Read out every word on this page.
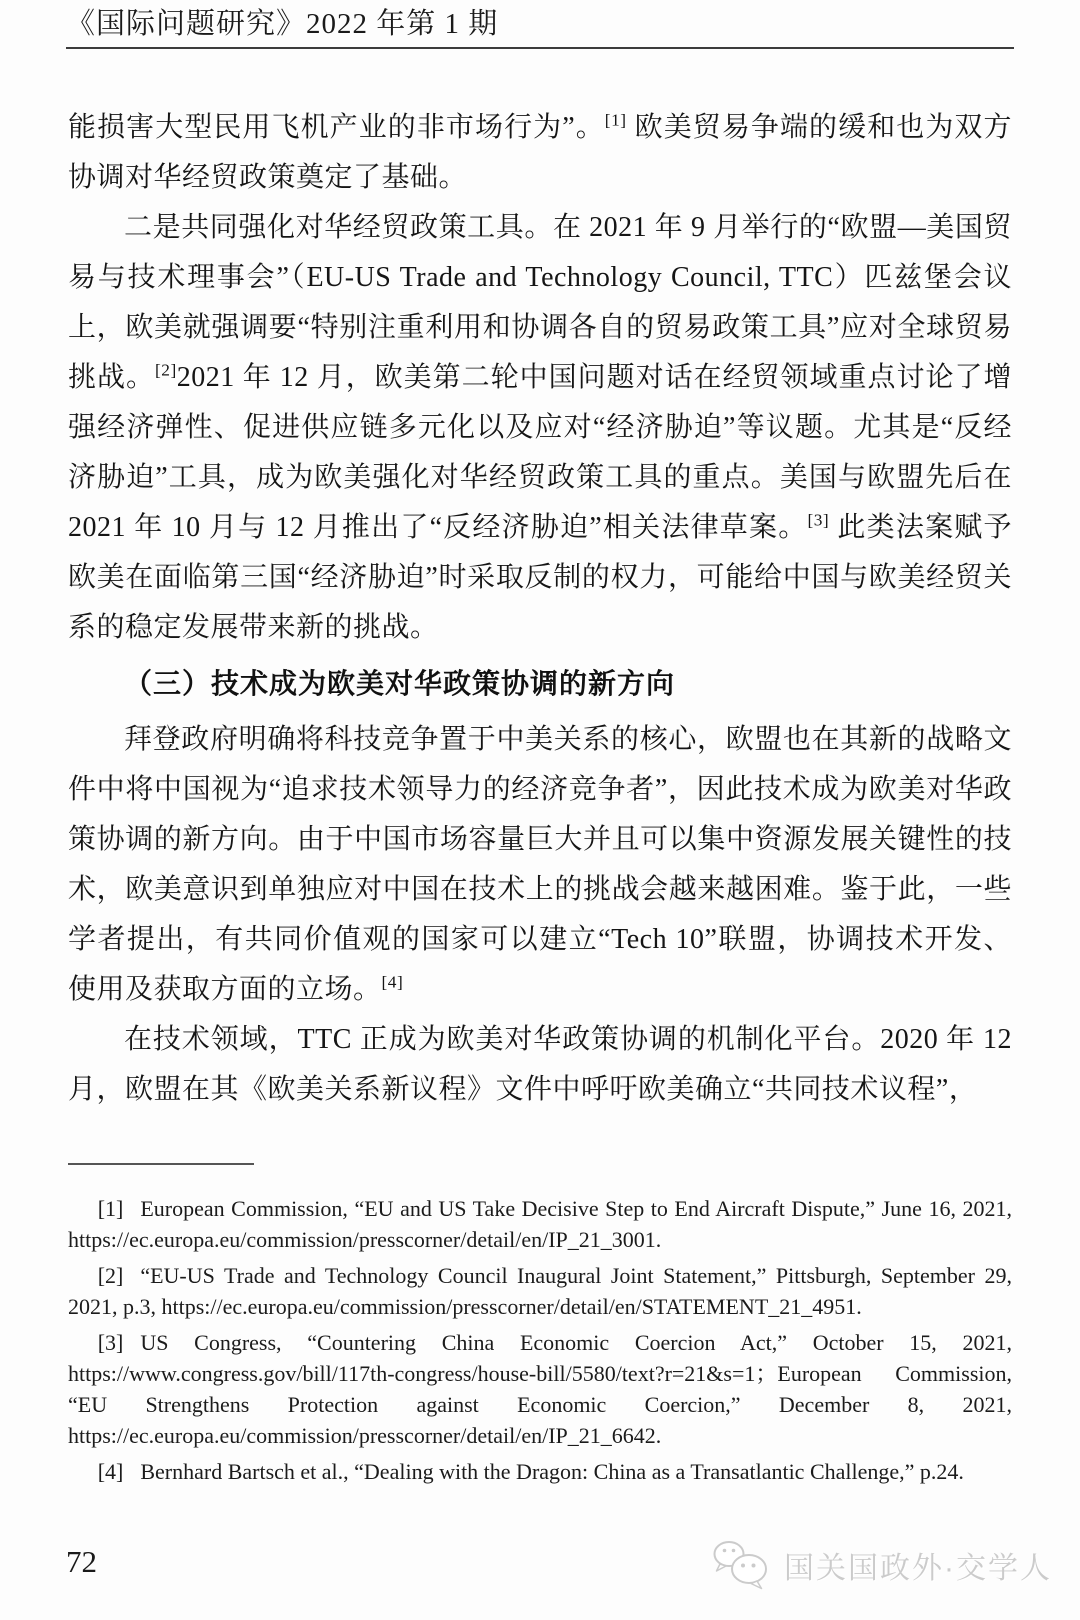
《国际问题研究》2022 年第 1 期

能损害大型民用飞机产业的非市场行为”。[1] 欧美贸易争端的缓和也为双方协调对华经贸政策奠定了基础。

二是共同强化对华经贸政策工具。在 2021 年 9 月举行的“欧盟—美国贸易与技术理事会”（EU-US Trade and Technology Council, TTC）匹兹堡会议上，欧美就强调要“特别注重利用和协调各自的贸易政策工具”应对全球贸易挑战。[2]2021 年 12 月，欧美第二轮中国问题对话在经贸领域重点讨论了增强经济弹性、促进供应链多元化以及应对“经济胁迫”等议题。尤其是“反经济胁迫”工具，成为欧美强化对华经贸政策工具的重点。美国与欧盟先后在 2021 年 10 月与 12 月推出了“反经济胁迫”相关法律草案。[3] 此类法案赋予欧美在面临第三国“经济胁迫”时采取反制的权力，可能给中国与欧美经贸关系的稳定发展带来新的挑战。

（三）技术成为欧美对华政策协调的新方向

拜登政府明确将科技竞争置于中美关系的核心，欧盟也在其新的战略文件中将中国视为“追求技术领导力的经济竞争者”，因此技术成为欧美对华政策协调的新方向。由于中国市场容量巨大并且可以集中资源发展关键性的技术，欧美意识到单独应对中国在技术上的挑战会越来越困难。鉴于此，一些学者提出，有共同价值观的国家可以建立“Tech 10”联盟，协调技术开发、使用及获取方面的立场。[4]

在技术领域，TTC 正成为欧美对华政策协调的机制化平台。2020 年 12 月，欧盟在其《欧美关系新议程》文件中呼吁欧美确立“共同技术议程”，

[1] European Commission, “EU and US Take Decisive Step to End Aircraft Dispute,” June 16, 2021, https://ec.europa.eu/commission/presscorner/detail/en/IP_21_3001.

[2] “EU-US Trade and Technology Council Inaugural Joint Statement,” Pittsburgh, September 29, 2021, p.3, https://ec.europa.eu/commission/presscorner/detail/en/STATEMENT_21_4951.

[3] US Congress, “Countering China Economic Coercion Act,” October 15, 2021, https://www.congress.gov/bill/117th-congress/house-bill/5580/text?r=21&s=1；European Commission, “EU Strengthens Protection against Economic Coercion,” December 8, 2021, https://ec.europa.eu/commission/presscorner/detail/en/IP_21_6642.

[4] Bernhard Bartsch et al., “Dealing with the Dragon: China as a Transatlantic Challenge,” p.24.

72	国关国政外·交学人
